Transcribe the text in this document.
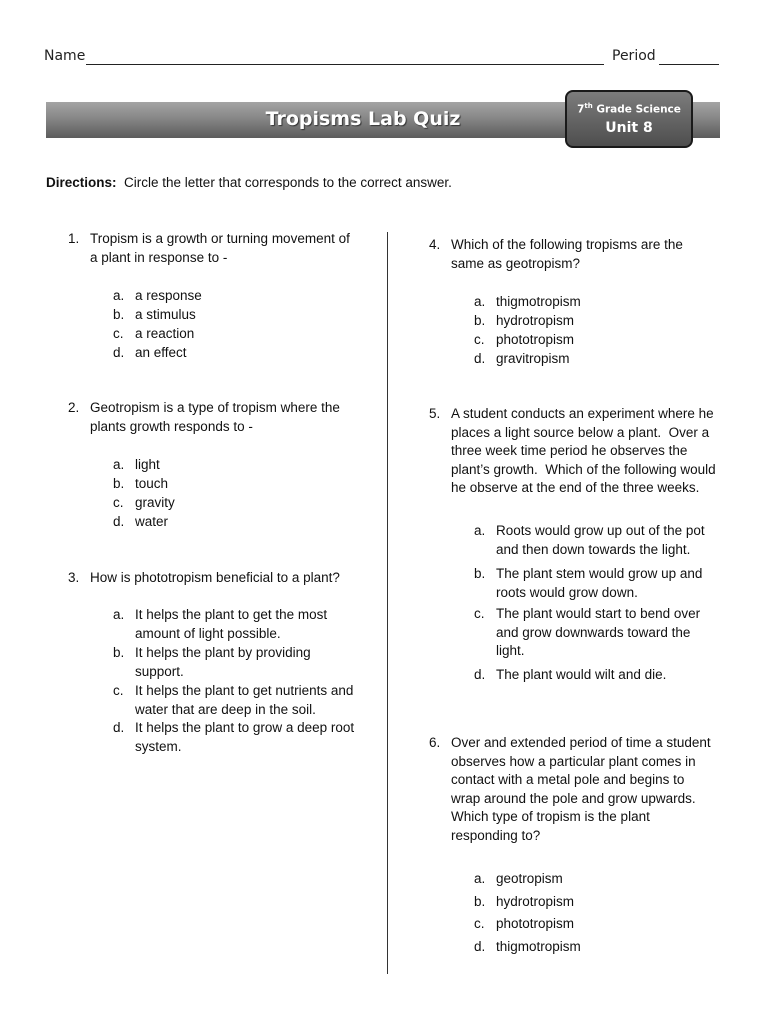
Name	Period
Tropisms Lab Quiz	7th Grade Science
Unit 8
Directions: Circle the letter that corresponds to the correct answer.
1. Tropism is a growth or turning movement of
a plant in response to -
a. a response
b. a stimulus
c. a reaction
d. an effect
2. Geotropism is a type of tropism where the
plants growth responds to -
a. light
b. touch
c. gravity
d. water
3. How is phototropism beneficial to a plant?
a. It helps the plant to get the most
amount of light possible.
b. It helps the plant by providing
support.
c. It helps the plant to get nutrients and
water that are deep in the soil.
d. It helps the plant to grow a deep root
system.
4. Which of the following tropisms are the
same as geotropism?
a. thigmotropism
b. hydrotropism
c. phototropism
d. gravitropism
5. A student conducts an experiment where he
places a light source below a plant.  Over a
three week time period he observes the
plant’s growth.  Which of the following would
he observe at the end of the three weeks.
a. Roots would grow up out of the pot
and then down towards the light.
b. The plant stem would grow up and
roots would grow down.
c. The plant would start to bend over
and grow downwards toward the
light.
d. The plant would wilt and die.
6. Over and extended period of time a student
observes how a particular plant comes in
contact with a metal pole and begins to
wrap around the pole and grow upwards.
Which type of tropism is the plant
responding to?
a. geotropism
b. hydrotropism
c. phototropism
d. thigmotropism
